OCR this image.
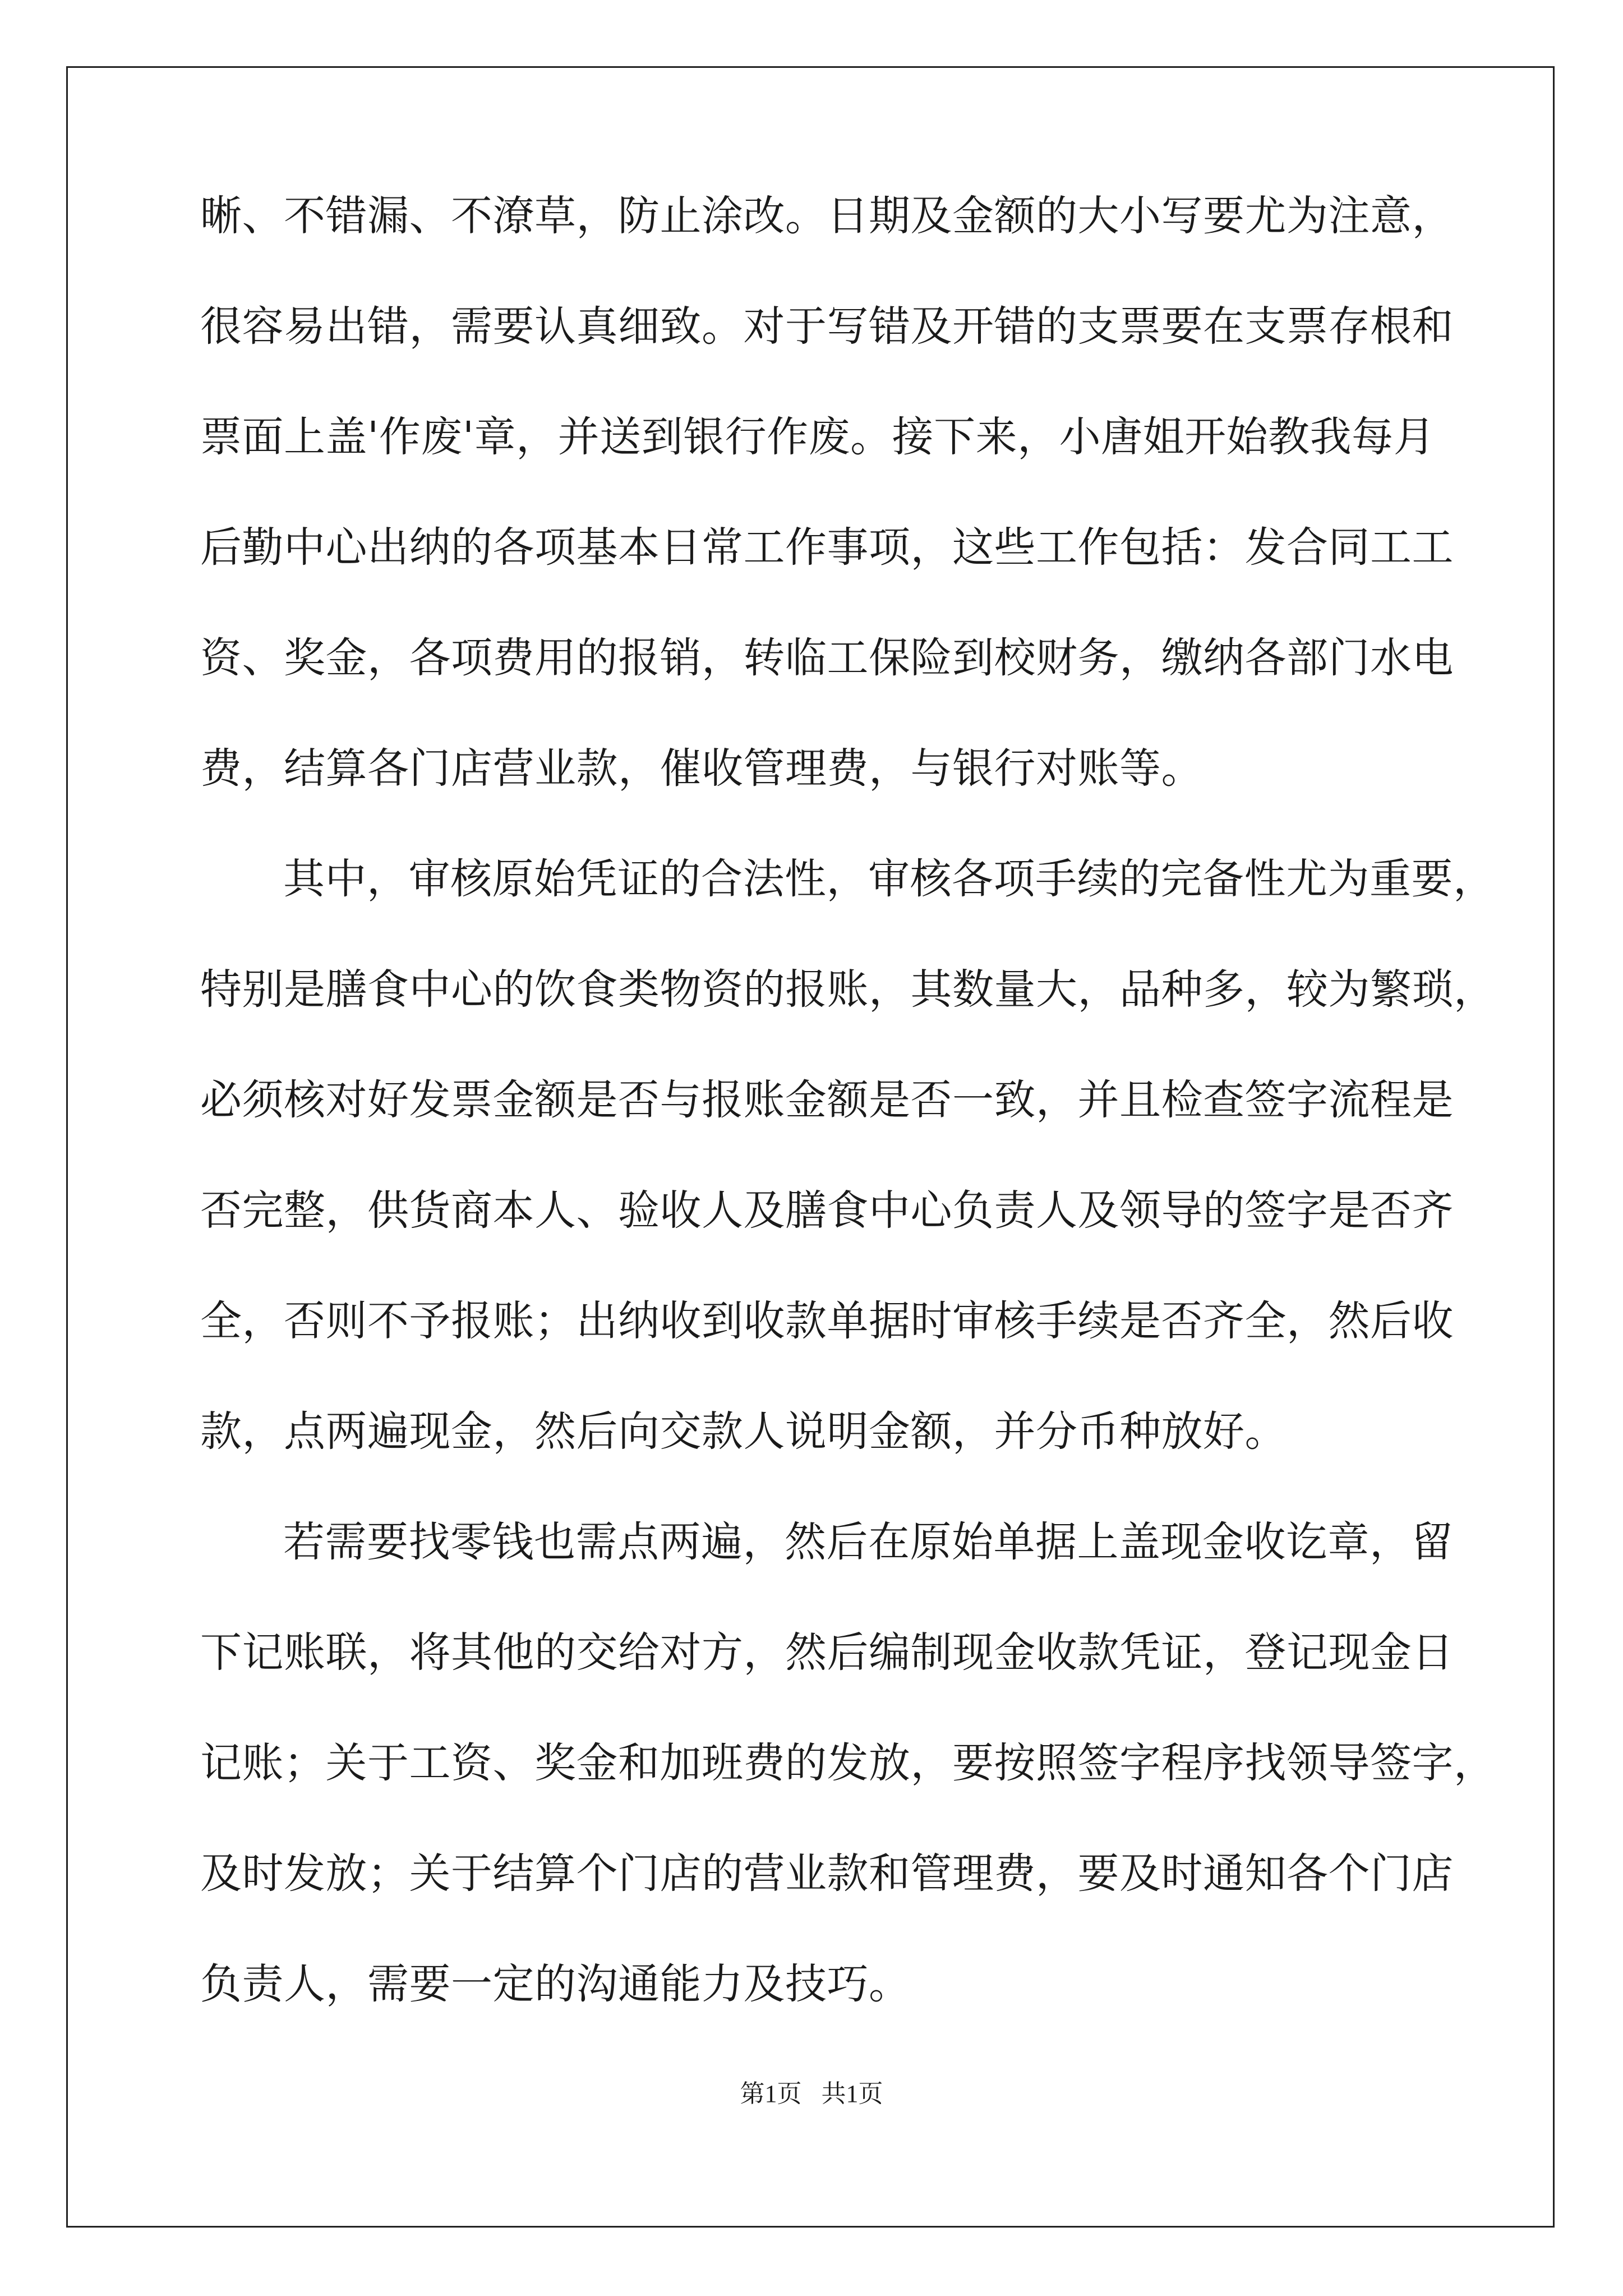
晰、不错漏、不潦草，防止涂改。日期及金额的大小写要尤为注意，
很容易出错，需要认真细致。对于写错及开错的支票要在支票存根和
票面上盖'作废'章，并送到银行作废。接下来，小唐姐开始教我每月
后勤中心出纳的各项基本日常工作事项，这些工作包括：发合同工工
资、奖金，各项费用的报销，转临工保险到校财务，缴纳各部门水电
费，结算各门店营业款，催收管理费，与银行对账等。
其中，审核原始凭证的合法性，审核各项手续的完备性尤为重要，
特别是膳食中心的饮食类物资的报账，其数量大，品种多，较为繁琐，
必须核对好发票金额是否与报账金额是否一致，并且检查签字流程是
否完整，供货商本人、验收人及膳食中心负责人及领导的签字是否齐
全，否则不予报账；出纳收到收款单据时审核手续是否齐全，然后收
款，点两遍现金，然后向交款人说明金额，并分币种放好。
若需要找零钱也需点两遍，然后在原始单据上盖现金收讫章，留
下记账联，将其他的交给对方，然后编制现金收款凭证，登记现金日
记账；关于工资、奖金和加班费的发放，要按照签字程序找领导签字，
及时发放；关于结算个门店的营业款和管理费，要及时通知各个门店
负责人，需要一定的沟通能力及技巧。
第1页 共1页
